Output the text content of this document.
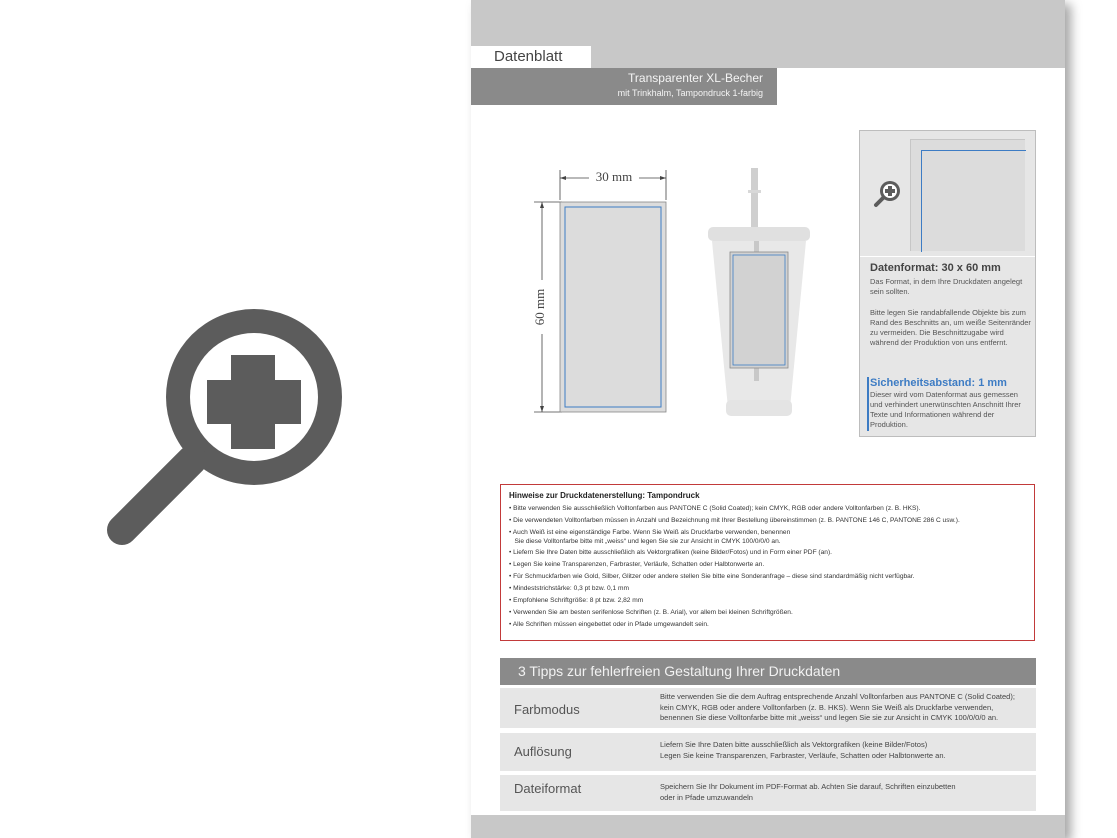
Datenblatt
Transparenter XL-Becher
mit Trinkhalm, Tampondruck 1-farbig
30 mm
60 mm
Datenformat: 30 x 60 mm

Das Format, in dem Ihre Druckdaten angelegt sein sollten.

Bitte legen Sie randabfallende Objekte bis zum Rand des Beschnitts an, um weiße Seitenränder zu vermeiden. Die Beschnittzugabe wird während der Produktion von uns entfernt.

Sicherheitsabstand: 1 mm

Dieser wird vom Datenformat aus gemessen und verhindert unerwünschten Anschnitt Ihrer Texte und Informationen während der Produktion.

Hinweise zur Druckdatenerstellung: Tampondruck
• Bitte verwenden Sie ausschließlich Volltonfarben aus PANTONE C (Solid Coated); kein CMYK, RGB oder andere Volltonfarben (z. B. HKS).
• Die verwendeten Volltonfarben müssen in Anzahl und Bezeichnung mit Ihrer Bestellung übereinstimmen (z. B. PANTONE 146 C, PANTONE 286 C usw.).
• Auch Weiß ist eine eigenständige Farbe. Wenn Sie Weiß als Druckfarbe verwenden, benennen
Sie diese Volltonfarbe bitte mit „weiss“ und legen Sie sie zur Ansicht in CMYK 100/0/0/0 an.
• Liefern Sie Ihre Daten bitte ausschließlich als Vektorgrafiken (keine Bilder/Fotos) und in Form einer PDF (an).
• Legen Sie keine Transparenzen, Farbraster, Verläufe, Schatten oder Halbtonwerte an.
• Für Schmuckfarben wie Gold, Silber, Glitzer oder andere stellen Sie bitte eine Sonderanfrage – diese sind standardmäßig nicht verfügbar.
• Mindeststrichstärke: 0,3 pt bzw. 0,1 mm
• Empfohlene Schriftgröße: 8 pt bzw. 2,82 mm
• Verwenden Sie am besten serifenlose Schriften (z. B. Arial), vor allem bei kleinen Schriftgrößen.
• Alle Schriften müssen eingebettet oder in Pfade umgewandelt sein.
3 Tipps zur fehlerfreien Gestaltung Ihrer Druckdaten
Farbmodus

Bitte verwenden Sie die dem Auftrag entsprechende Anzahl Volltonfarben aus PANTONE C (Solid Coated);
kein CMYK, RGB oder andere Volltonfarben (z. B. HKS). Wenn Sie Weiß als Druckfarbe verwenden,
benennen Sie diese Volltonfarbe bitte mit „weiss“ und legen Sie sie zur Ansicht in CMYK 100/0/0/0 an.

Auflösung	Liefern Sie Ihre Daten bitte ausschließlich als Vektorgrafiken (keine Bilder/Fotos)
Legen Sie keine Transparenzen, Farbraster, Verläufe, Schatten oder Halbtonwerte an.

Dateiformat	Speichern Sie Ihr Dokument im PDF-Format ab. Achten Sie darauf, Schriften einzubetten
oder in Pfade umzuwandeln
